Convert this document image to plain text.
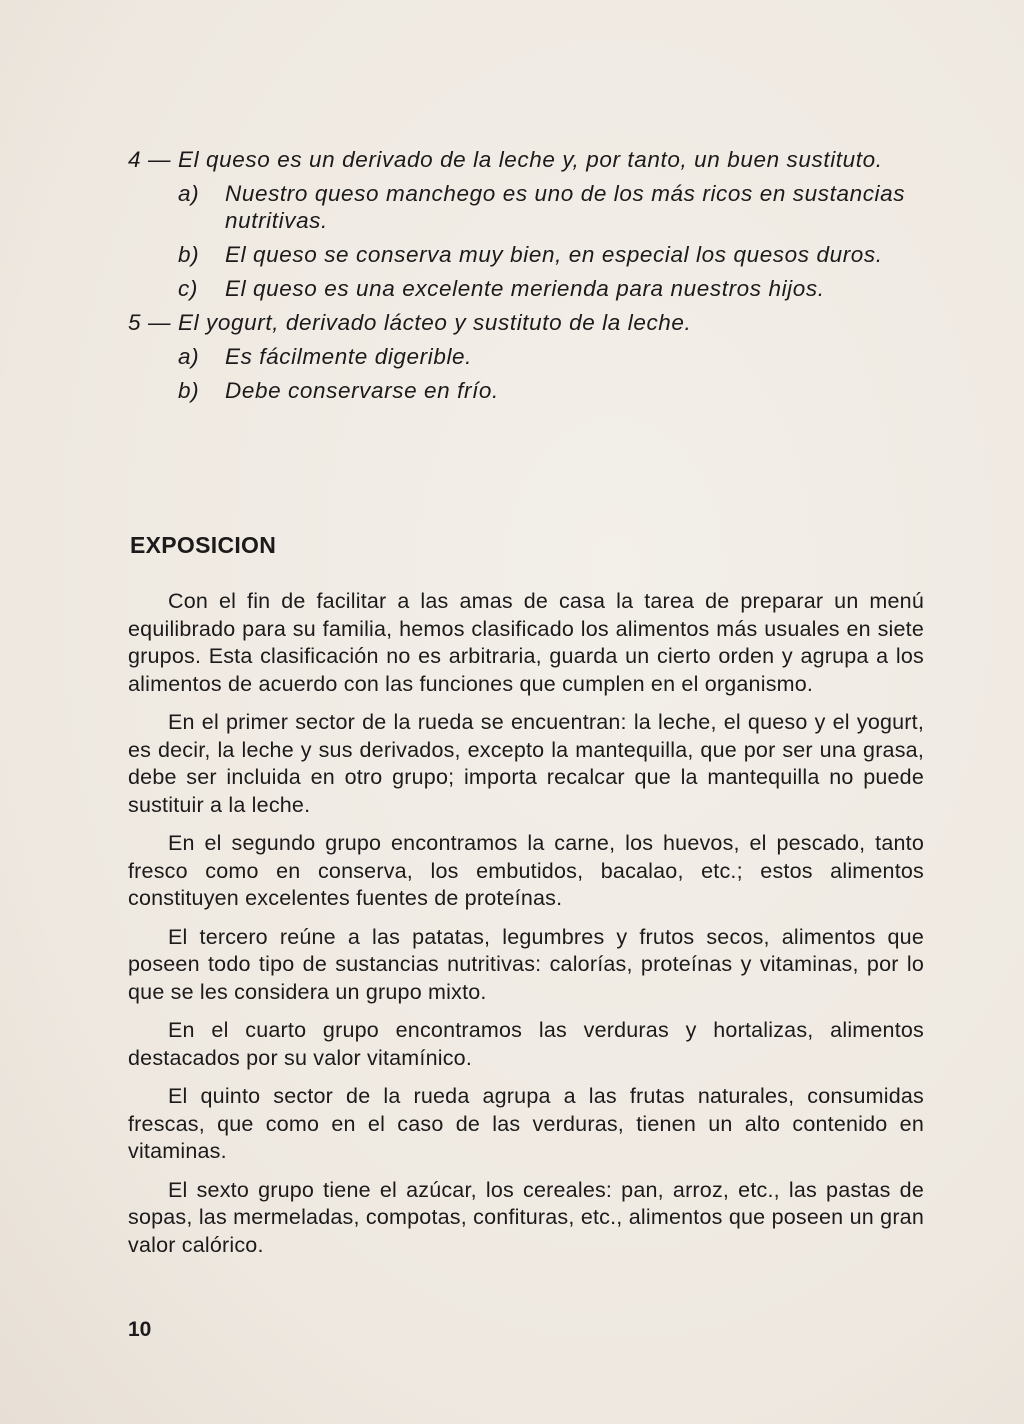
4 — El queso es un derivado de la leche y, por tanto, un buen sustituto.
a)	Nuestro queso manchego es uno de los más ricos en sustancias nutritivas.
b)	El queso se conserva muy bien, en especial los quesos duros.
c)	El queso es una excelente merienda para nuestros hijos.
5 — El yogurt, derivado lácteo y sustituto de la leche.
a)	Es fácilmente digerible.
b)	Debe conservarse en frío.
EXPOSICION

Con el fin de facilitar a las amas de casa la tarea de preparar un menú equilibrado para su familia, hemos clasificado los alimentos más usuales en siete grupos. Esta clasificación no es arbitraria, guarda un cierto orden y agrupa a los alimentos de acuerdo con las funciones que cumplen en el organismo.

En el primer sector de la rueda se encuentran: la leche, el queso y el yogurt, es decir, la leche y sus derivados, excepto la mantequilla, que por ser una grasa, debe ser incluida en otro grupo; importa recalcar que la mantequilla no puede sustituir a la leche.

En el segundo grupo encontramos la carne, los huevos, el pescado, tanto fresco como en conserva, los embutidos, bacalao, etc.; estos alimentos constituyen excelentes fuentes de proteínas.

El tercero reúne a las patatas, legumbres y frutos secos, alimentos que poseen todo tipo de sustancias nutritivas: calorías, proteínas y vitaminas, por lo que se les considera un grupo mixto.

En el cuarto grupo encontramos las verduras y hortalizas, alimentos destacados por su valor vitamínico.

El quinto sector de la rueda agrupa a las frutas naturales, consumidas frescas, que como en el caso de las verduras, tienen un alto contenido en vitaminas.

El sexto grupo tiene el azúcar, los cereales: pan, arroz, etc., las pastas de sopas, las mermeladas, compotas, confituras, etc., alimentos que poseen un gran valor calórico.

10
